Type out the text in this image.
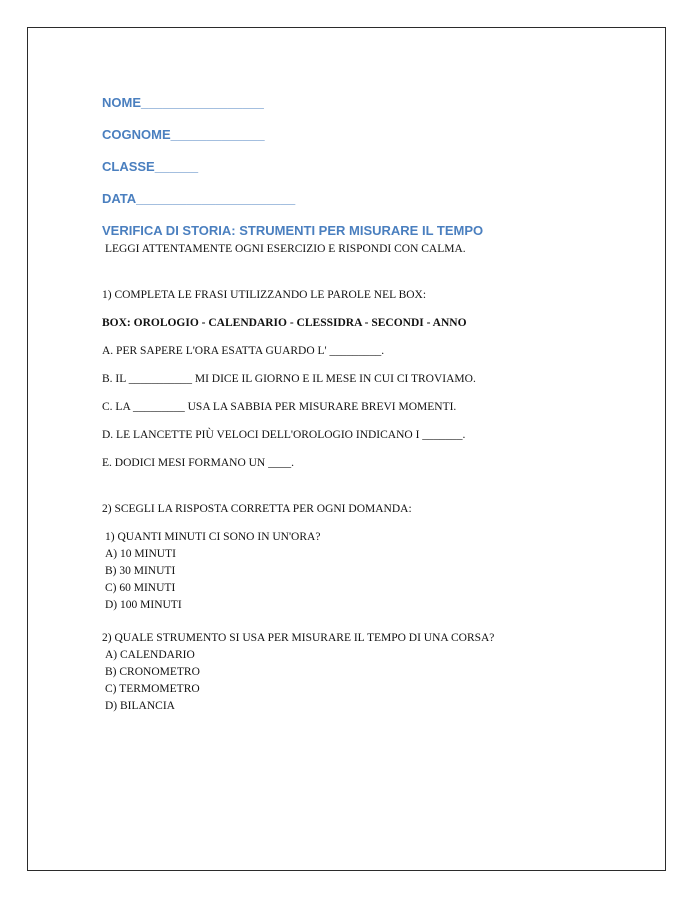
NOME_________________
COGNOME_____________
CLASSE______
DATA______________________
VERIFICA DI STORIA: STRUMENTI PER MISURARE IL TEMPO
LEGGI ATTENTAMENTE OGNI ESERCIZIO E RISPONDI CON CALMA.
1) COMPLETA LE FRASI UTILIZZANDO LE PAROLE NEL BOX:
BOX: OROLOGIO - CALENDARIO - CLESSIDRA - SECONDI - ANNO
A. PER SAPERE L'ORA ESATTA GUARDO L' _________.
B. IL ___________ MI DICE IL GIORNO E IL MESE IN CUI CI TROVIAMO.
C. LA _________ USA LA SABBIA PER MISURARE BREVI MOMENTI.
D. LE LANCETTE PIÙ VELOCI DELL'OROLOGIO INDICANO I _______.
E. DODICI MESI FORMANO UN ____.
2) SCEGLI LA RISPOSTA CORRETTA PER OGNI DOMANDA:
1) QUANTI MINUTI CI SONO IN UN'ORA?
A) 10 MINUTI
B) 30 MINUTI
C) 60 MINUTI
D) 100 MINUTI
2) QUALE STRUMENTO SI USA PER MISURARE IL TEMPO DI UNA CORSA?
A) CALENDARIO
B) CRONOMETRO
C) TERMOMETRO
D) BILANCIA
